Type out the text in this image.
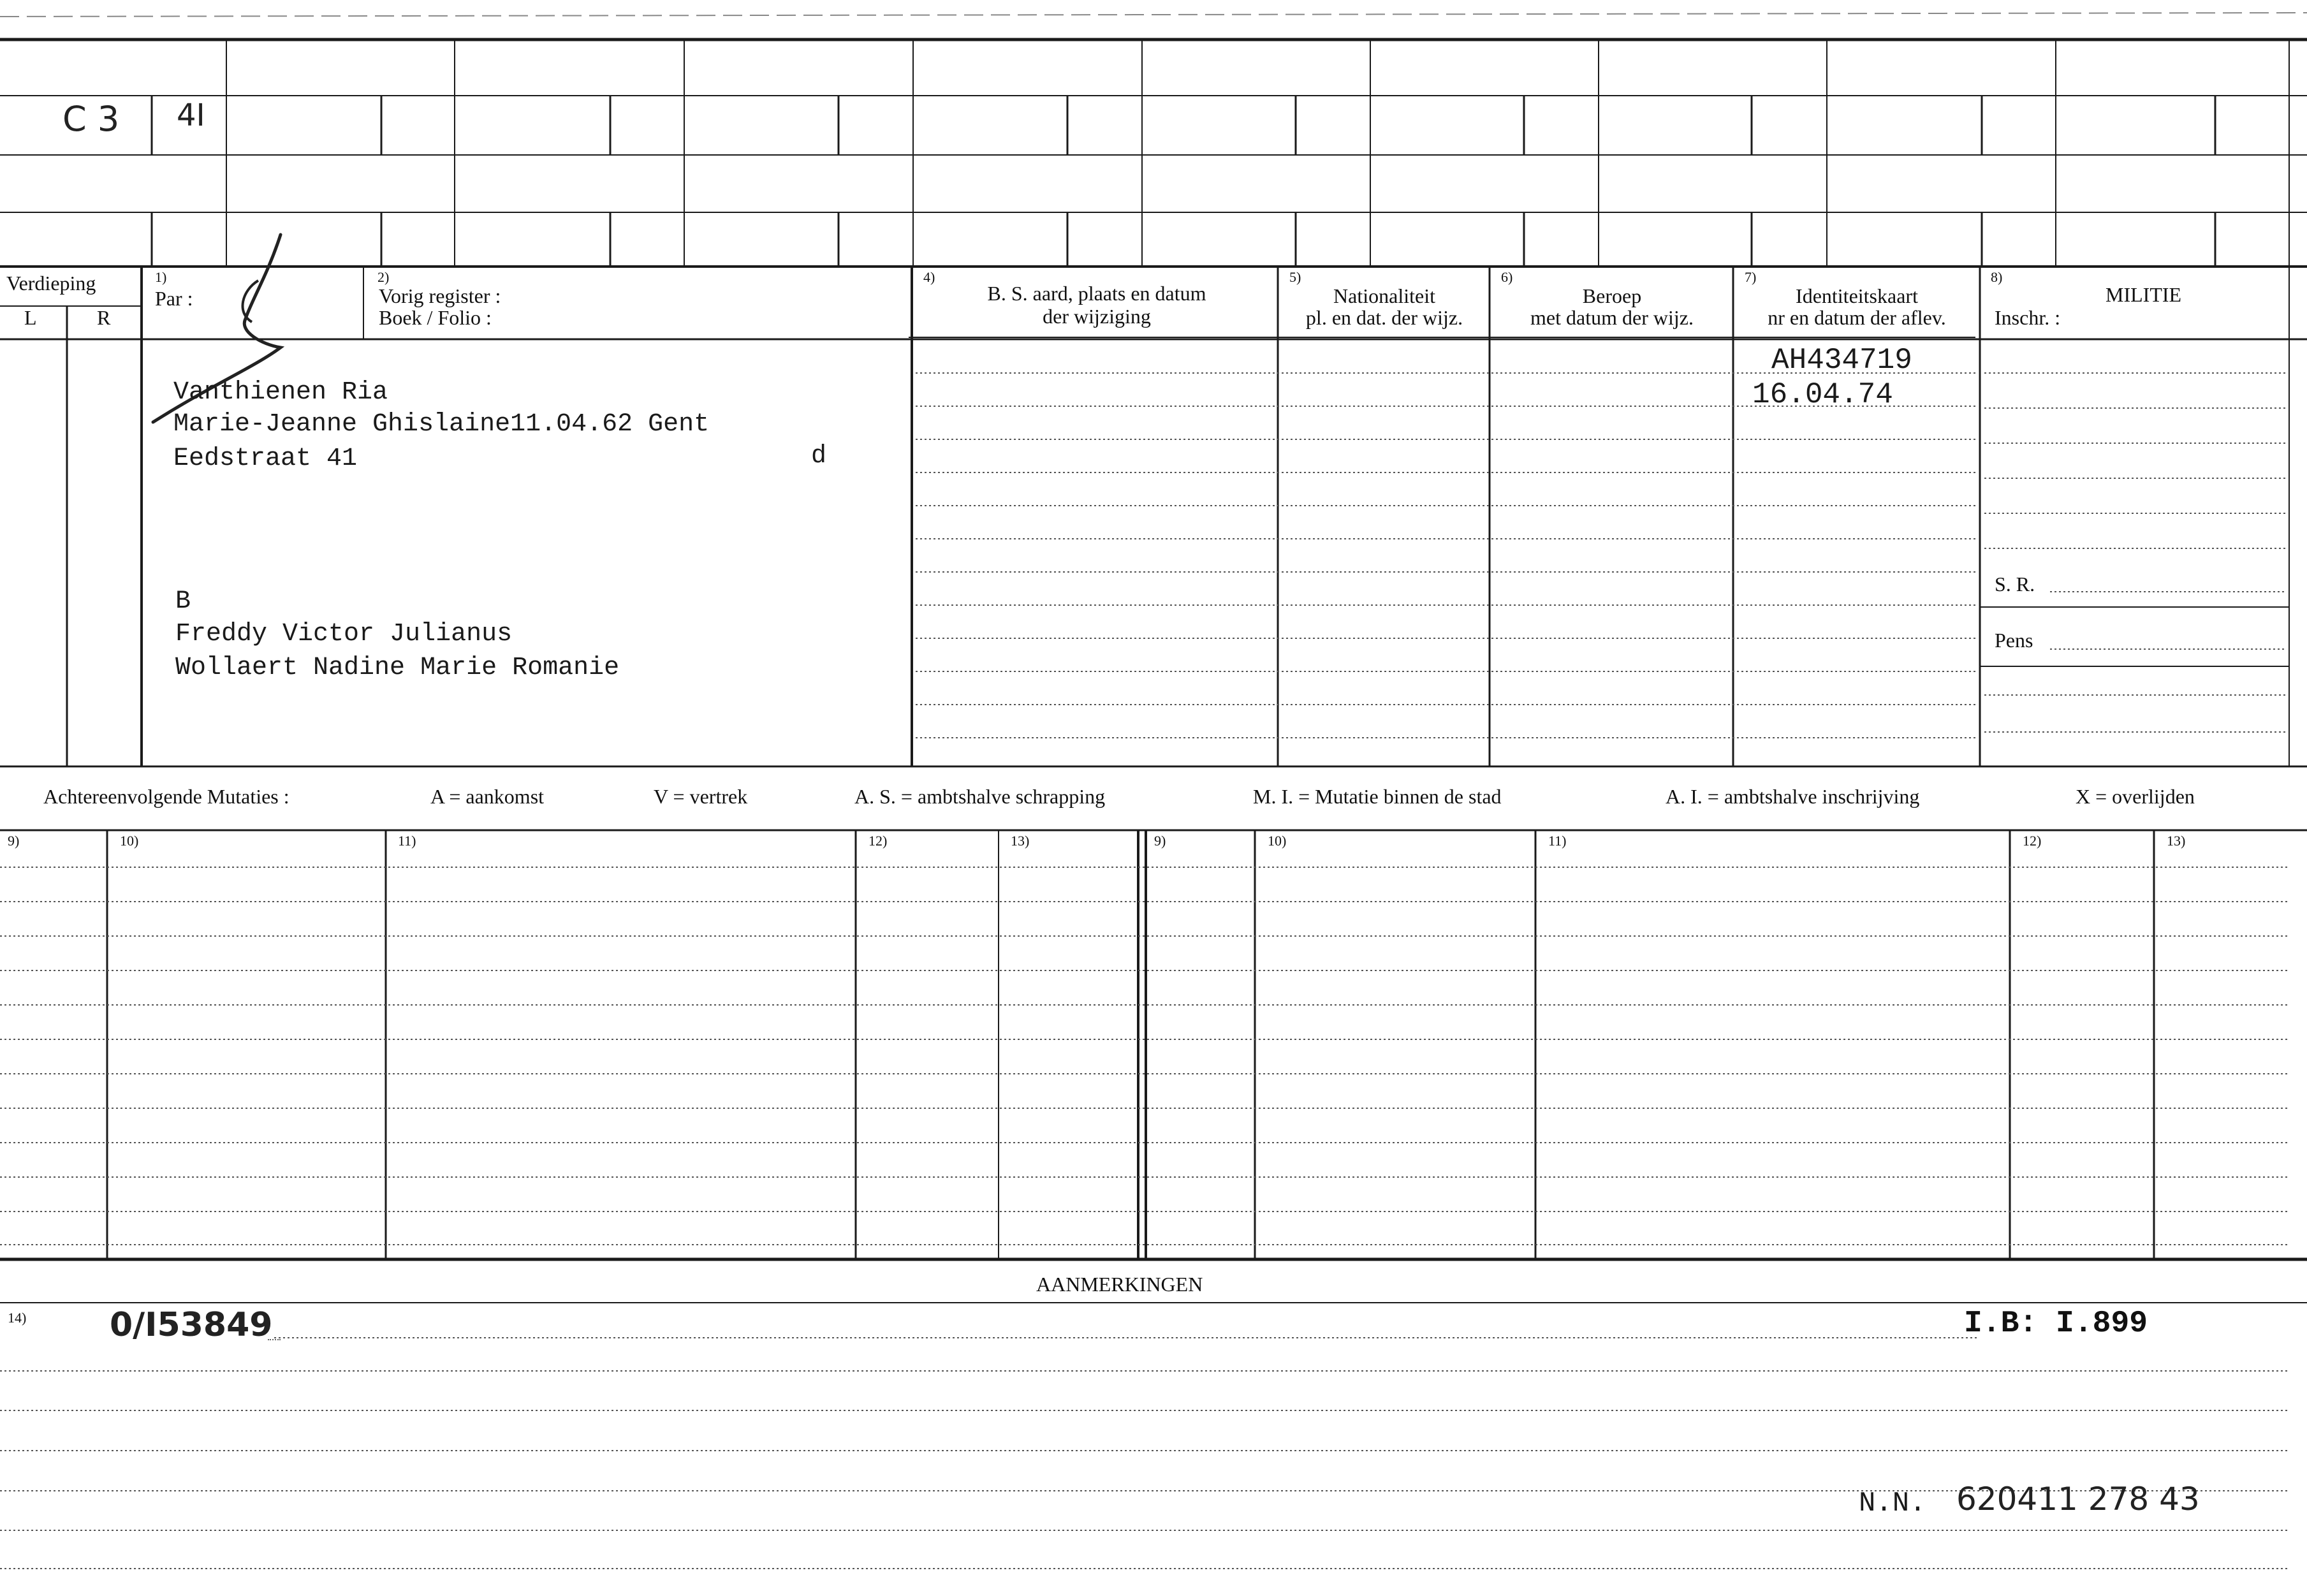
C 3 4I
Verdieping
L	R
1)
Par :
2)
Vorig register :
Boek / Folio :
4)
B. S. aard, plaats en datum
der wijziging
5)
Nationaliteit
pl. en dat. der wijz.
6)
Beroep
met datum der wijz.
7)
Identiteitskaart
nr en datum der aflev.
8)
MILITIE
Inschr. :
S. R.
Pens
Vanthienen Ria
Marie-Jeanne Ghislaine11.04.62 Gent
Eedstraat 41	d
B
Freddy Victor Julianus
Wollaert Nadine Marie Romanie
AH434719
16.04.74
Achtereenvolgende Mutaties :	A = aankomst	V = vertrek	A. S. = ambtshalve schrapping	M. I. = Mutatie binnen de stad	A. I. = ambtshalve inschrijving	X = overlijden
9)	10)	11)	12)	13)	9)	10)	11)	12)	13)
AANMERKINGEN
14)	0/I53849	I.B: I.899
N.N. 620411 278 43
